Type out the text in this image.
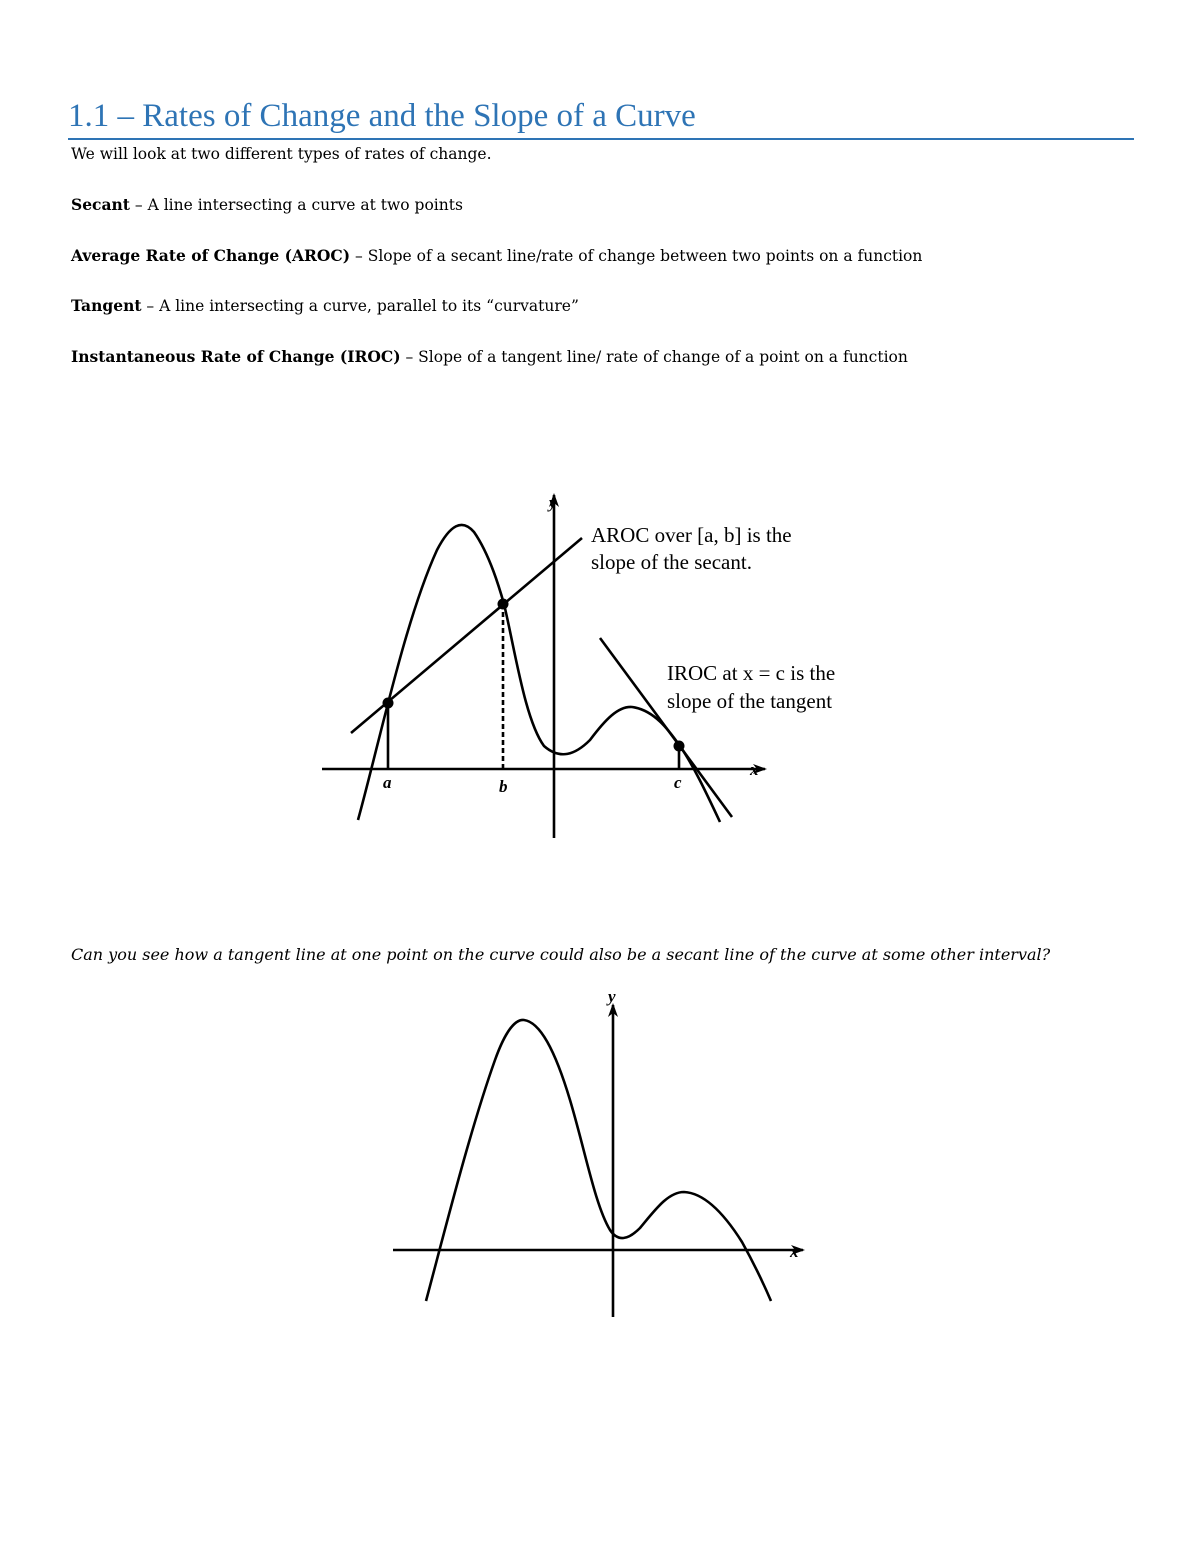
1.1 – Rates of Change and the Slope of a Curve
We will look at two different types of rates of change.
Secant – A line intersecting a curve at two points
Average Rate of Change (AROC) – Slope of a secant line/rate of change between two points on a function
Tangent – A line intersecting a curve, parallel to its “curvature”
Instantaneous Rate of Change (IROC) – Slope of a tangent line/ rate of change of a point on a function
x
y
a	b	c
AROC over [a, b] is the
slope of the secant.
IROC at x = c is the
slope of the tangent
Can you see how a tangent line at one point on the curve could also be a secant line of the curve at some other interval?
x
y
